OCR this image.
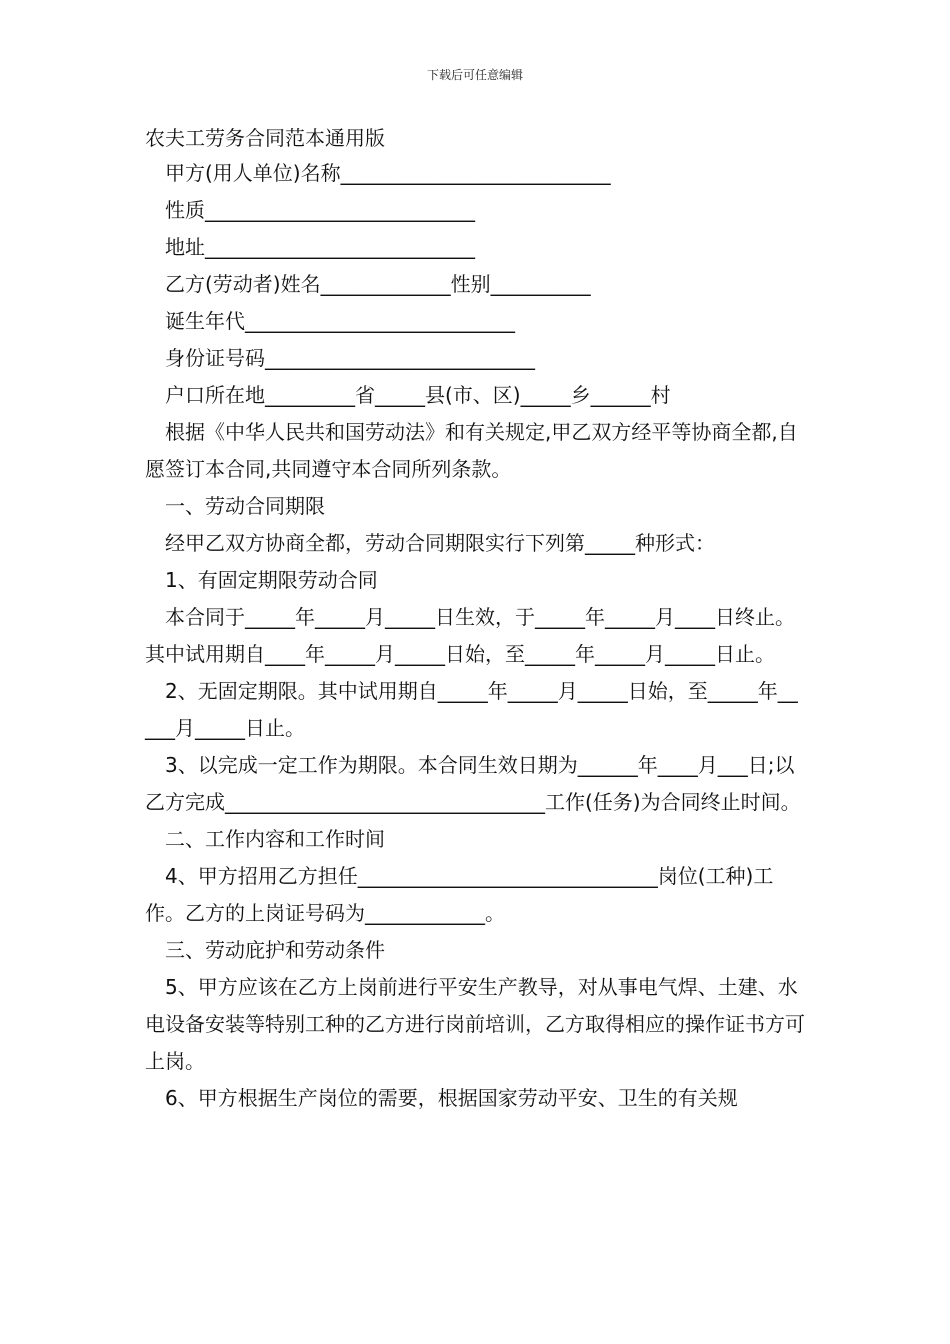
下载后可任意编辑
农夫工劳务合同范本通用版

甲方(用人单位)名称___________________________

性质___________________________

地址___________________________

乙方(劳动者)姓名_____________性别__________

诞生年代___________________________

身份证号码___________________________

户口所在地_________省_____县(市、区)_____乡______村

根据《中华人民共和国劳动法》和有关规定,甲乙双方经平等协商全都,自愿签订本合同,共同遵守本合同所列条款。

一、劳动合同期限

经甲乙双方协商全都，劳动合同期限实行下列第_____种形式：

1、有固定期限劳动合同

本合同于_____年_____月_____日生效，于_____年_____月____日终止。其中试用期自____年_____月_____日始，至_____年_____月_____日止。

2、无固定期限。其中试用期自_____年_____月_____日始，至_____年_____月_____日止。

3、以完成一定工作为期限。本合同生效日期为______年____月___日;以乙方完成________________________________工作(任务)为合同终止时间。

二、工作内容和工作时间

4、甲方招用乙方担任______________________________岗位(工种)工作。乙方的上岗证号码为____________。

三、劳动庇护和劳动条件

5、甲方应该在乙方上岗前进行平安生产教导，对从事电气焊、土建、水电设备安装等特别工种的乙方进行岗前培训，乙方取得相应的操作证书方可上岗。

6、甲方根据生产岗位的需要，根据国家劳动平安、卫生的有关规
